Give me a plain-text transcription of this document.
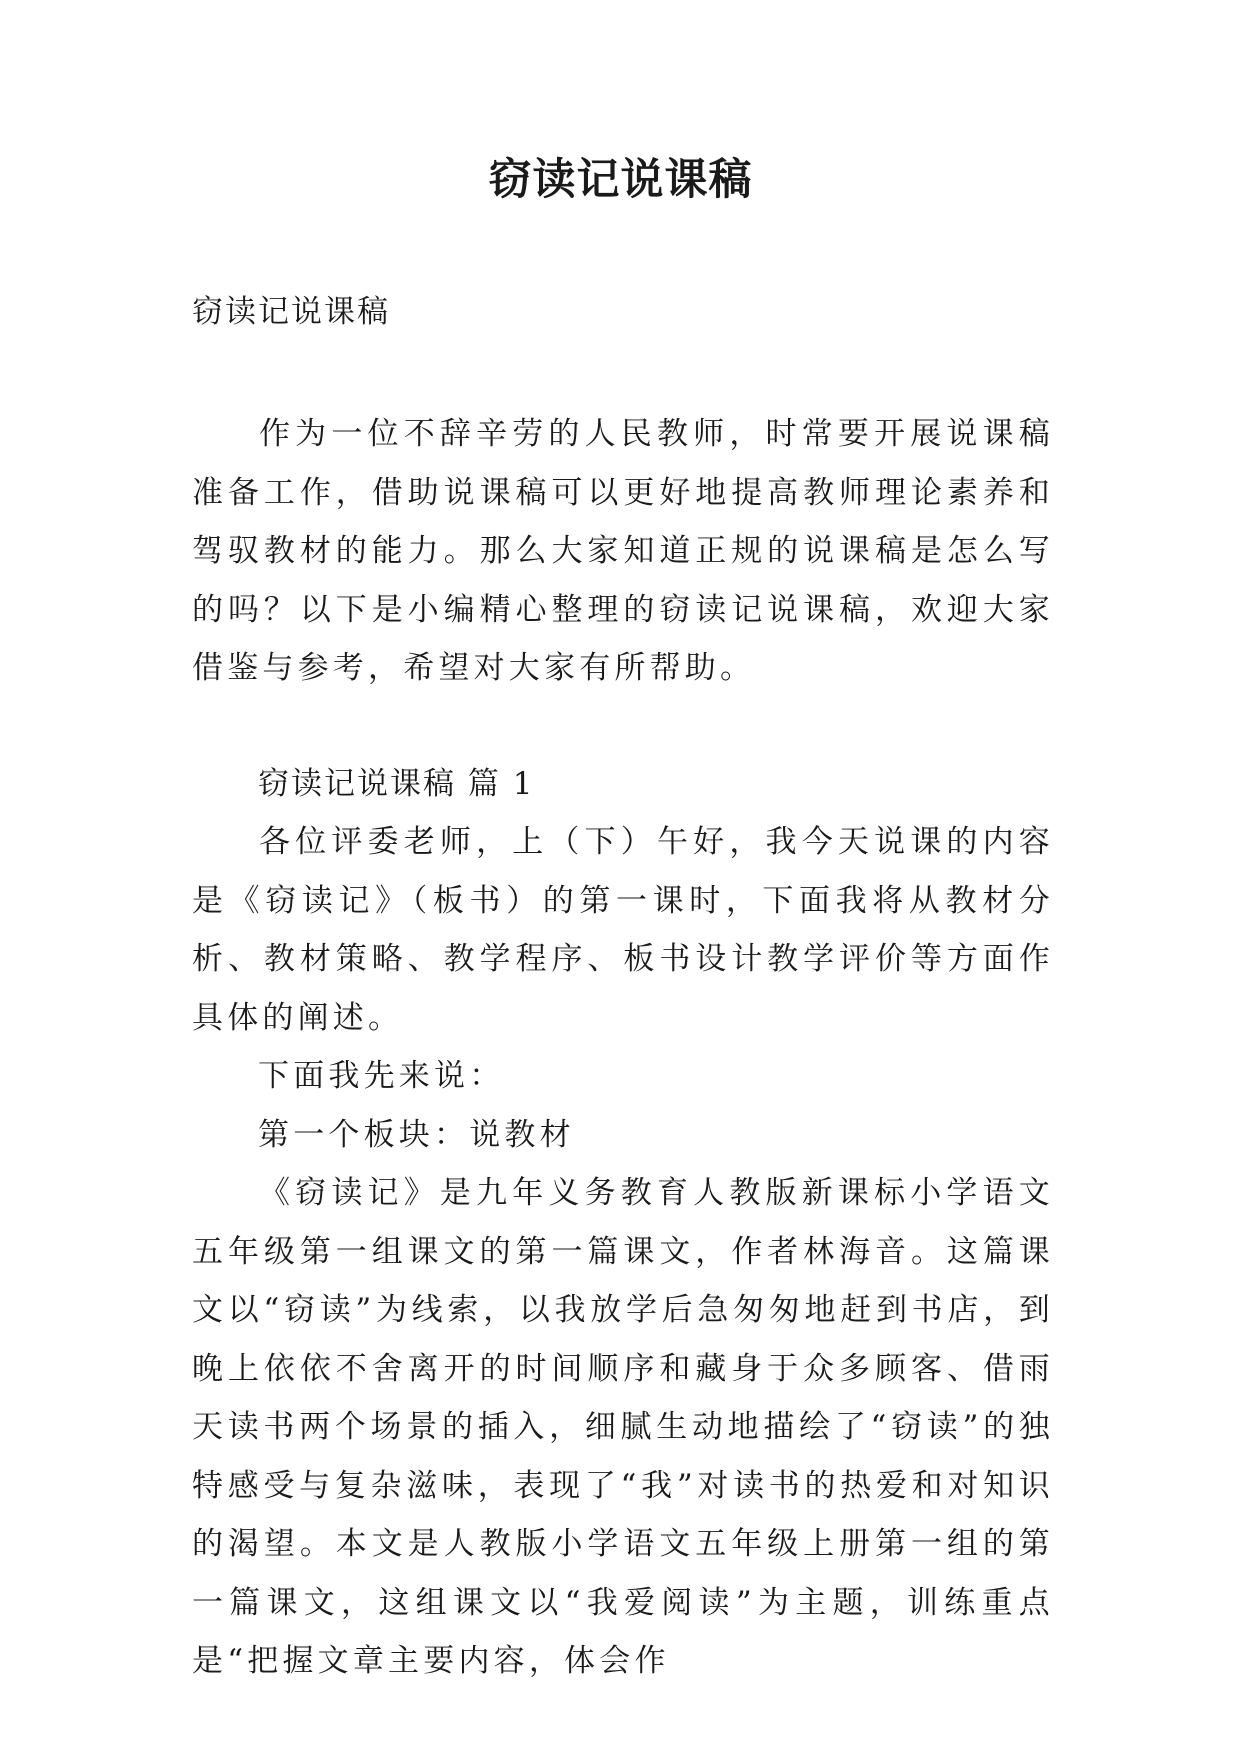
窃读记说课稿

窃读记说课稿

作为一位不辞辛劳的人民教师，时常要开展说课稿准备工作，借助说课稿可以更好地提高教师理论素养和驾驭教材的能力。那么大家知道正规的说课稿是怎么写的吗？以下是小编精心整理的窃读记说课稿，欢迎大家借鉴与参考，希望对大家有所帮助。

窃读记说课稿 篇 1

各位评委老师，上（下）午好，我今天说课的内容是《窃读记》（板书）的第一课时，下面我将从教材分析、教材策略、教学程序、板书设计教学评价等方面作具体的阐述。

下面我先来说：

第一个板块：说教材

《窃读记》是九年义务教育人教版新课标小学语文五年级第一组课文的第一篇课文，作者林海音。这篇课文以“窃读”为线索，以我放学后急匆匆地赶到书店，到晚上依依不舍离开的时间顺序和藏身于众多顾客、借雨天读书两个场景的插入，细腻生动地描绘了“窃读”的独特感受与复杂滋味，表现了“我”对读书的热爱和对知识的渴望。本文是人教版小学语文五年级上册第一组的第一篇课文，这组课文以“我爱阅读”为主题，训练重点是“把握文章主要内容，体会作
